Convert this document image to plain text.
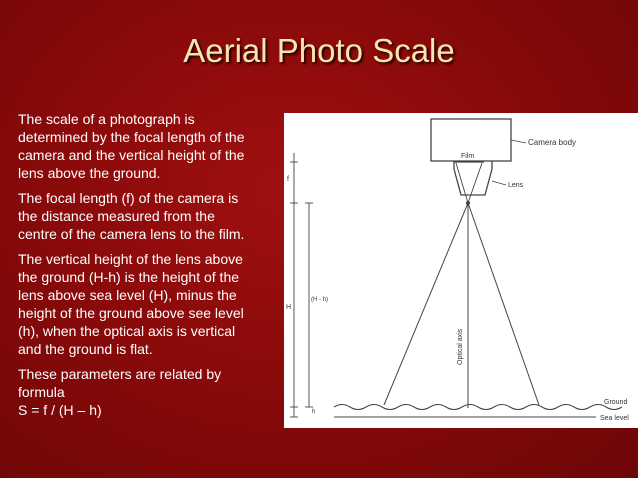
Aerial Photo Scale

The scale of a photograph is
determined by the focal length of the
camera and the vertical height of the
lens above the ground.

The focal length (f) of the camera is
the distance measured from the
centre of the camera lens to the film.

The vertical height of the lens above
the ground (H-h) is the height of the
lens above sea level (H), minus the
height of the ground above see level
(h), when the optical axis is vertical
and the ground is flat.

These parameters are related by
formula
S = f / (H – h)

Camera body
Film
Lens
Optical axis
Ground
Sea level
f
H
h
(H - h)
